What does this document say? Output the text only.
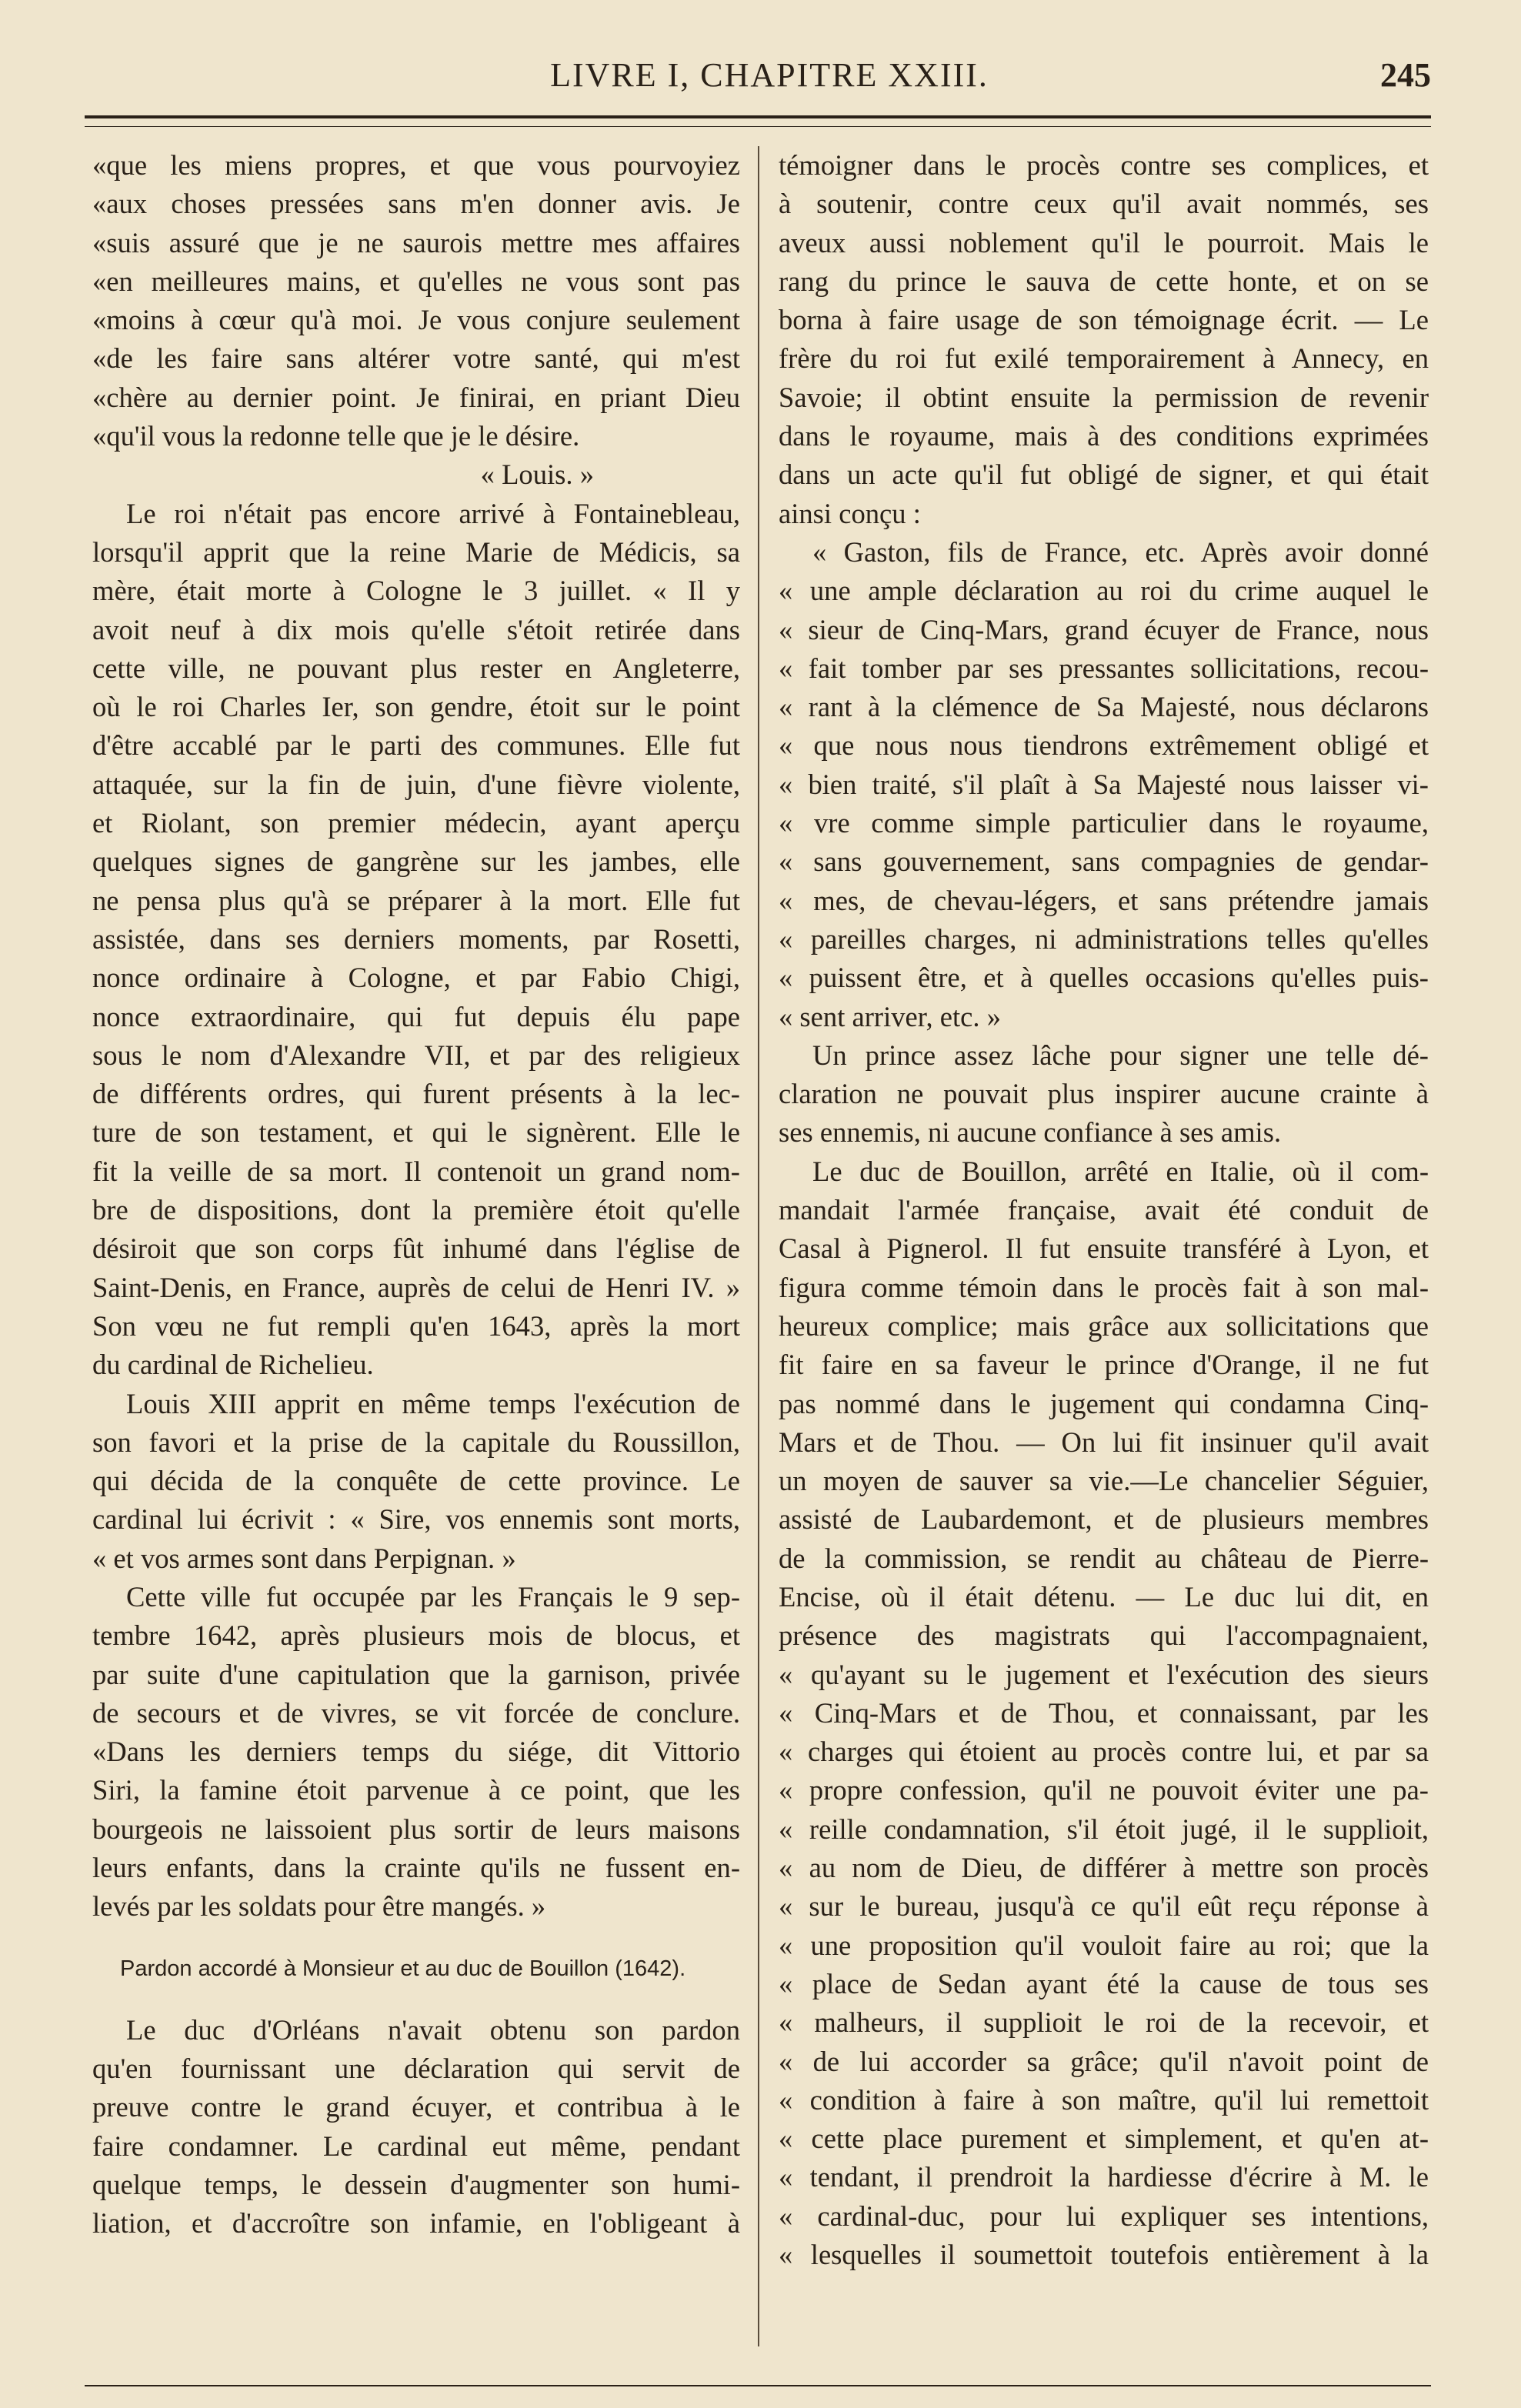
LIVRE I, CHAPITRE XXIII.	245
«que les miens propres, et que vous pourvoyiez
«aux choses pressées sans m'en donner avis. Je
«suis assuré que je ne saurois mettre mes affaires
«en meilleures mains, et qu'elles ne vous sont pas
«moins à cœur qu'à moi. Je vous conjure seulement
«de les faire sans altérer votre santé, qui m'est
«chère au dernier point. Je finirai, en priant Dieu
«qu'il vous la redonne telle que je le désire.
« Louis. »
Le roi n'était pas encore arrivé à Fontainebleau,
lorsqu'il apprit que la reine Marie de Médicis, sa
mère, était morte à Cologne le 3 juillet. « Il y
avoit neuf à dix mois qu'elle s'étoit retirée dans
cette ville, ne pouvant plus rester en Angleterre,
où le roi Charles Ier, son gendre, étoit sur le point
d'être accablé par le parti des communes. Elle fut
attaquée, sur la fin de juin, d'une fièvre violente,
et Riolant, son premier médecin, ayant aperçu
quelques signes de gangrène sur les jambes, elle
ne pensa plus qu'à se préparer à la mort. Elle fut
assistée, dans ses derniers moments, par Rosetti,
nonce ordinaire à Cologne, et par Fabio Chigi,
nonce extraordinaire, qui fut depuis élu pape
sous le nom d'Alexandre VII, et par des religieux
de différents ordres, qui furent présents à la lec-
ture de son testament, et qui le signèrent. Elle le
fit la veille de sa mort. Il contenoit un grand nom-
bre de dispositions, dont la première étoit qu'elle
désiroit que son corps fût inhumé dans l'église de
Saint-Denis, en France, auprès de celui de Henri IV. »
Son vœu ne fut rempli qu'en 1643, après la mort
du cardinal de Richelieu.
Louis XIII apprit en même temps l'exécution de
son favori et la prise de la capitale du Roussillon,
qui décida de la conquête de cette province. Le
cardinal lui écrivit : « Sire, vos ennemis sont morts,
« et vos armes sont dans Perpignan. »
Cette ville fut occupée par les Français le 9 sep-
tembre 1642, après plusieurs mois de blocus, et
par suite d'une capitulation que la garnison, privée
de secours et de vivres, se vit forcée de conclure.
«Dans les derniers temps du siége, dit Vittorio
Siri, la famine étoit parvenue à ce point, que les
bourgeois ne laissoient plus sortir de leurs maisons
leurs enfants, dans la crainte qu'ils ne fussent en-
levés par les soldats pour être mangés. »
Pardon accordé à Monsieur et au duc de Bouillon (1642).
Le duc d'Orléans n'avait obtenu son pardon
qu'en fournissant une déclaration qui servit de
preuve contre le grand écuyer, et contribua à le
faire condamner. Le cardinal eut même, pendant
quelque temps, le dessein d'augmenter son humi-
liation, et d'accroître son infamie, en l'obligeant à
témoigner dans le procès contre ses complices, et
à soutenir, contre ceux qu'il avait nommés, ses
aveux aussi noblement qu'il le pourroit. Mais le
rang du prince le sauva de cette honte, et on se
borna à faire usage de son témoignage écrit. — Le
frère du roi fut exilé temporairement à Annecy, en
Savoie; il obtint ensuite la permission de revenir
dans le royaume, mais à des conditions exprimées
dans un acte qu'il fut obligé de signer, et qui était
ainsi conçu :
« Gaston, fils de France, etc. Après avoir donné
« une ample déclaration au roi du crime auquel le
« sieur de Cinq-Mars, grand écuyer de France, nous
« fait tomber par ses pressantes sollicitations, recou-
« rant à la clémence de Sa Majesté, nous déclarons
« que nous nous tiendrons extrêmement obligé et
« bien traité, s'il plaît à Sa Majesté nous laisser vi-
« vre comme simple particulier dans le royaume,
« sans gouvernement, sans compagnies de gendar-
« mes, de chevau-légers, et sans prétendre jamais
« pareilles charges, ni administrations telles qu'elles
« puissent être, et à quelles occasions qu'elles puis-
« sent arriver, etc. »
Un prince assez lâche pour signer une telle dé-
claration ne pouvait plus inspirer aucune crainte à
ses ennemis, ni aucune confiance à ses amis.
Le duc de Bouillon, arrêté en Italie, où il com-
mandait l'armée française, avait été conduit de
Casal à Pignerol. Il fut ensuite transféré à Lyon, et
figura comme témoin dans le procès fait à son mal-
heureux complice; mais grâce aux sollicitations que
fit faire en sa faveur le prince d'Orange, il ne fut
pas nommé dans le jugement qui condamna Cinq-
Mars et de Thou. — On lui fit insinuer qu'il avait
un moyen de sauver sa vie.—Le chancelier Séguier,
assisté de Laubardemont, et de plusieurs membres
de la commission, se rendit au château de Pierre-
Encise, où il était détenu. — Le duc lui dit, en
présence des magistrats qui l'accompagnaient,
« qu'ayant su le jugement et l'exécution des sieurs
« Cinq-Mars et de Thou, et connaissant, par les
« charges qui étoient au procès contre lui, et par sa
« propre confession, qu'il ne pouvoit éviter une pa-
« reille condamnation, s'il étoit jugé, il le supplioit,
« au nom de Dieu, de différer à mettre son procès
« sur le bureau, jusqu'à ce qu'il eût reçu réponse à
« une proposition qu'il vouloit faire au roi; que la
« place de Sedan ayant été la cause de tous ses
« malheurs, il supplioit le roi de la recevoir, et
« de lui accorder sa grâce; qu'il n'avoit point de
« condition à faire à son maître, qu'il lui remettoit
« cette place purement et simplement, et qu'en at-
« tendant, il prendroit la hardiesse d'écrire à M. le
« cardinal-duc, pour lui expliquer ses intentions,
« lesquelles il soumettoit toutefois entièrement à la
